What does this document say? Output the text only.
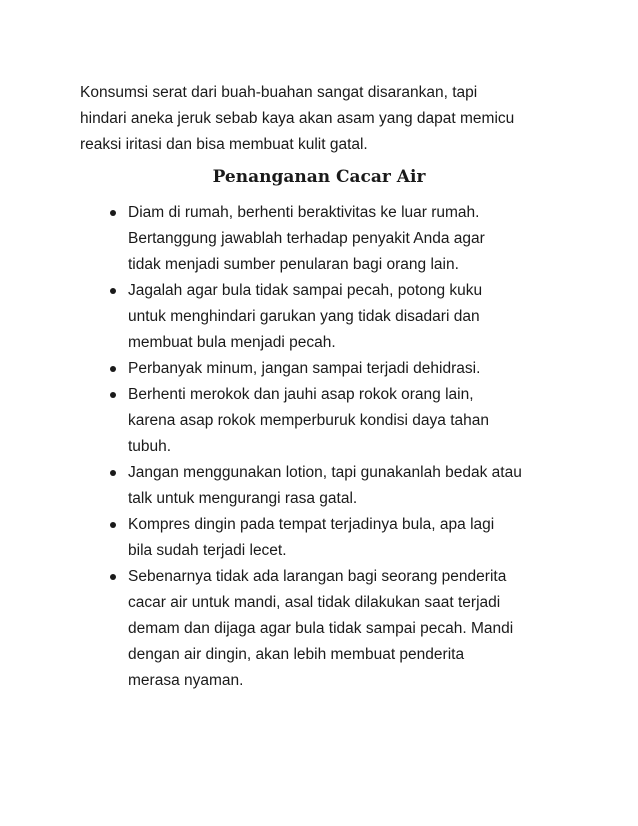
Konsumsi serat dari buah-buahan sangat disarankan, tapi
hindari aneka jeruk sebab kaya akan asam yang dapat memicu
reaksi iritasi dan bisa membuat kulit gatal.

Penanganan Cacar Air
Diam di rumah, berhenti beraktivitas ke luar rumah.
Bertanggung jawablah terhadap penyakit Anda agar
tidak menjadi sumber penularan bagi orang lain.
Jagalah agar bula tidak sampai pecah, potong kuku
untuk menghindari garukan yang tidak disadari dan
membuat bula menjadi pecah.
Perbanyak minum, jangan sampai terjadi dehidrasi.
Berhenti merokok dan jauhi asap rokok orang lain,
karena asap rokok memperburuk kondisi daya tahan
tubuh.
Jangan menggunakan lotion, tapi gunakanlah bedak atau
talk untuk mengurangi rasa gatal.
Kompres dingin pada tempat terjadinya bula, apa lagi
bila sudah terjadi lecet.
Sebenarnya tidak ada larangan bagi seorang penderita
cacar air untuk mandi, asal tidak dilakukan saat terjadi
demam dan dijaga agar bula tidak sampai pecah. Mandi
dengan air dingin, akan lebih membuat penderita
merasa nyaman.
